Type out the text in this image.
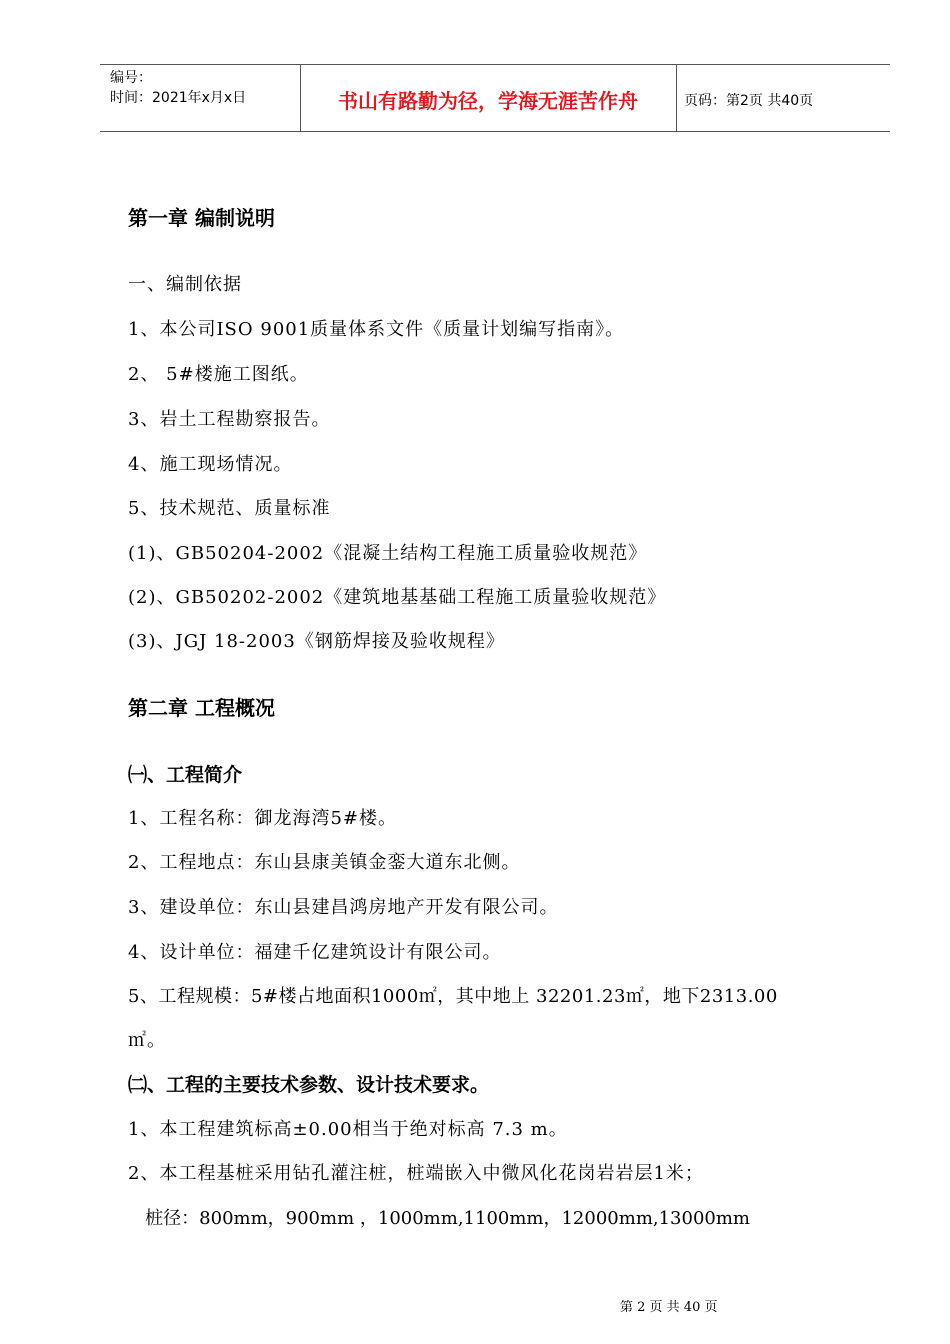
编号：
时间：2021年x月x日	书山有路勤为径，学海无涯苦作舟	页码：第2页 共40页
第一章 编制说明
一、编制依据
1、本公司ISO 9001质量体系文件《质量计划编写指南》。
2、 5#楼施工图纸。
3、岩土工程勘察报告。
4、施工现场情况。
5、技术规范、质量标准
(1)、GB50204-2002《混凝土结构工程施工质量验收规范》
(2)、GB50202-2002《建筑地基基础工程施工质量验收规范》
(3)、JGJ 18-2003《钢筋焊接及验收规程》
第二章 工程概况
㈠、工程简介
1、工程名称：御龙海湾5#楼。
2、工程地点：东山县康美镇金銮大道东北侧。
3、建设单位：东山县建昌鸿房地产开发有限公司。
4、设计单位：福建千亿建筑设计有限公司。
5、工程规模：5#楼占地面积1000㎡，其中地上 32201.23㎡，地下2313.00
㎡。
㈡、工程的主要技术参数、设计技术要求。
1、本工程建筑标高±0.00相当于绝对标高 7.3 m。
2、本工程基桩采用钻孔灌注桩，桩端嵌入中微风化花岗岩岩层1米；
桩径：800mm，900mm ，1000mm,1100mm，12000mm,13000mm
第 2 页 共 40 页
